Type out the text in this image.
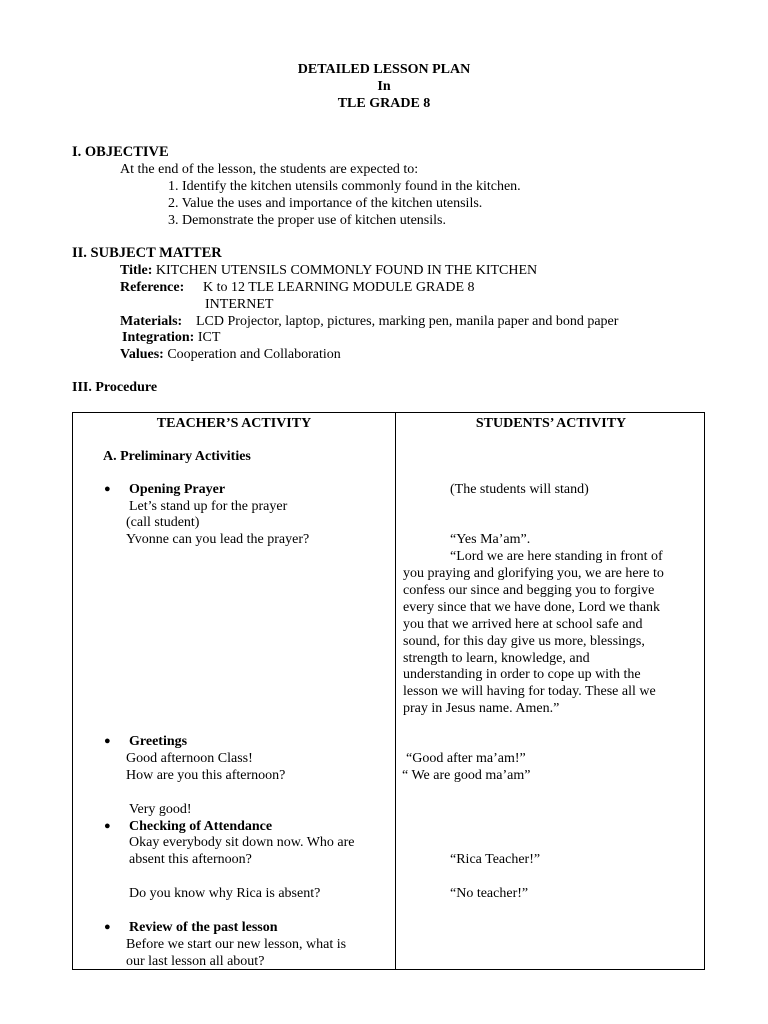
DETAILED LESSON PLAN
In
TLE GRADE 8
I. OBJECTIVE
At the end of the lesson, the students are expected to:
1. Identify the kitchen utensils commonly found in the kitchen.
2. Value the uses and importance of the kitchen utensils.
3. Demonstrate the proper use of kitchen utensils.
II. SUBJECT MATTER
Title: KITCHEN UTENSILS COMMONLY FOUND IN THE KITCHEN
Reference: K to 12 TLE LEARNING MODULE GRADE 8
INTERNET
Materials: LCD Projector, laptop, pictures, marking pen, manila paper and bond paper
Integration: ICT
Values: Cooperation and Collaboration
III. Procedure
TEACHER’S ACTIVITY	STUDENTS’ ACTIVITY
A. Preliminary Activities
● Opening Prayer
Let’s stand up for the prayer
(call student)
Yvonne can you lead the prayer?
● Greetings
Good afternoon Class!
How are you this afternoon?
Very good!
● Checking of Attendance
Okay everybody sit down now. Who are
absent this afternoon?
Do you know why Rica is absent?
● Review of the past lesson
Before we start our new lesson, what is
our last lesson all about?
(The students will stand)
“Yes Ma’am”.
“Lord we are here standing in front of
you praying and glorifying you, we are here to
confess our since and begging you to forgive
every since that we have done, Lord we thank
you that we arrived here at school safe and
sound, for this day give us more, blessings,
strength to learn, knowledge, and
understanding in order to cope up with the
lesson we will having for today. These all we
pray in Jesus name. Amen.”
“Good after ma’am!”
“ We are good ma’am”
“Rica Teacher!”
“No teacher!”
